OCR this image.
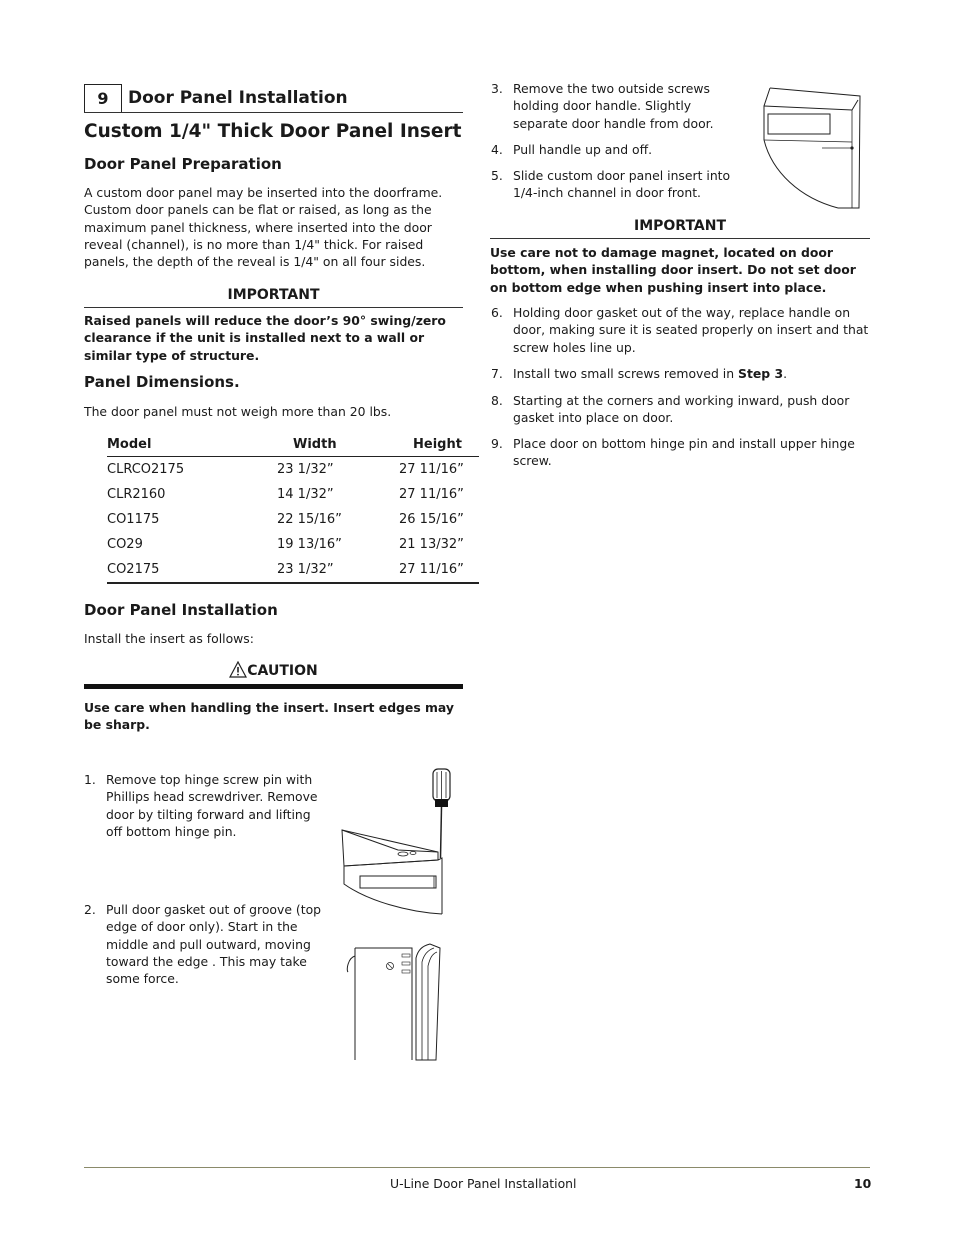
9	Door Panel Installation
Custom 1/4" Thick Door Panel Insert
Door Panel Preparation

A custom door panel may be inserted into the doorframe. Custom door panels can be flat or raised, as long as the maximum panel thickness, where inserted into the door reveal (channel), is no more than 1/4" thick. For raised panels, the depth of the reveal is 1/4" on all four sides.

IMPORTANT

Raised panels will reduce the door’s 90° swing/zero clearance if the unit is installed next to a wall or similar type of structure.

Panel Dimensions.

The door panel must not weigh more than 20 lbs.

Model	Width	Height
CLRCO2175	23 1/32”	27 11/16”
CLR2160	14 1/32”	27 11/16”
CO1175	22 15/16”	26 15/16”
CO29	19 13/16”	21 13/32”
CO2175	23 1/32”	27 11/16”
Door Panel Installation

Install the insert as follows:

CAUTION

Use care when handling the insert. Insert edges may be sharp.

1. Remove top hinge screw pin with Phillips head screwdriver. Remove door by tilting forward and lifting off bottom hinge pin.
2. Pull door gasket out of groove (top edge of door only). Start in the middle and pull outward, moving toward the edge . This may take some force.
3. Remove the two outside screws holding door handle. Slightly separate door handle from door.
4. Pull handle up and off.
5. Slide custom door panel insert into 1/4-inch channel in door front.
IMPORTANT

Use care not to damage magnet, located on door bottom, when installing door insert. Do not set door on bottom edge when pushing insert into place.

6. Holding door gasket out of the way, replace handle on door, making sure it is seated properly on insert and that screw holes line up.
7. Install two small screws removed in Step 3.
8. Starting at the corners and working inward, push door gasket into place on door.
9. Place door on bottom hinge pin and install upper hinge screw.
U-Line Door Panel Installationl	10
